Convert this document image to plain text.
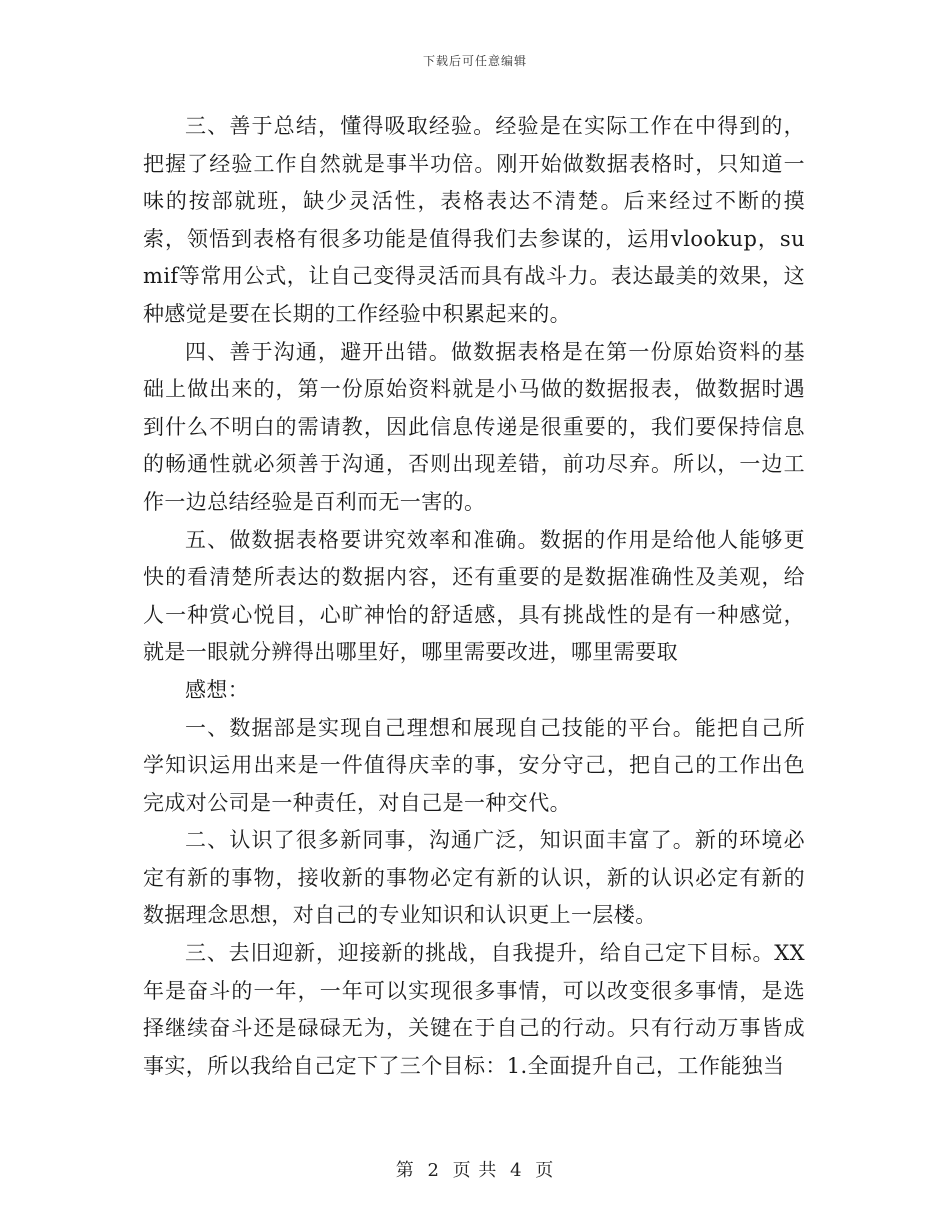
下载后可任意编辑

三、善于总结，懂得吸取经验。经验是在实际工作在中得到的，把握了经验工作自然就是事半功倍。刚开始做数据表格时，只知道一味的按部就班，缺少灵活性，表格表达不清楚。后来经过不断的摸索，领悟到表格有很多功能是值得我们去参谋的，运用vlookup，sumif等常用公式，让自己变得灵活而具有战斗力。表达最美的效果，这种感觉是要在长期的工作经验中积累起来的。

四、善于沟通，避开出错。做数据表格是在第一份原始资料的基础上做出来的，第一份原始资料就是小马做的数据报表，做数据时遇到什么不明白的需请教，因此信息传递是很重要的，我们要保持信息的畅通性就必须善于沟通，否则出现差错，前功尽弃。所以，一边工作一边总结经验是百利而无一害的。

五、做数据表格要讲究效率和准确。数据的作用是给他人能够更快的看清楚所表达的数据内容，还有重要的是数据准确性及美观，给人一种赏心悦目，心旷神怡的舒适感，具有挑战性的是有一种感觉，就是一眼就分辨得出哪里好，哪里需要改进，哪里需要取

感想：

一、数据部是实现自己理想和展现自己技能的平台。能把自己所学知识运用出来是一件值得庆幸的事，安分守己，把自己的工作出色完成对公司是一种责任，对自己是一种交代。

二、认识了很多新同事，沟通广泛，知识面丰富了。新的环境必定有新的事物，接收新的事物必定有新的认识，新的认识必定有新的数据理念思想，对自己的专业知识和认识更上一层楼。

三、去旧迎新，迎接新的挑战，自我提升，给自己定下目标。XX年是奋斗的一年，一年可以实现很多事情，可以改变很多事情，是选择继续奋斗还是碌碌无为，关键在于自己的行动。只有行动万事皆成事实，所以我给自己定下了三个目标：1.全面提升自己，工作能独当

第 2 页 共 4 页
